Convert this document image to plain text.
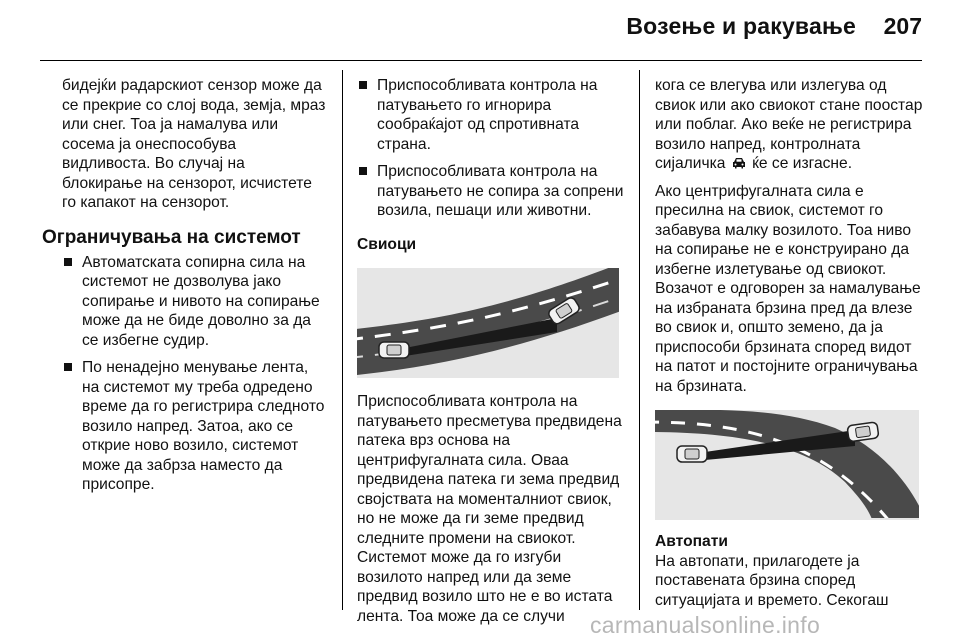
Возење и ракување 207

бидејќи радарскиот сензор може да се прекрие со слој вода, земја, мраз или снег. Тоа ја намалува или сосема ја онеспособува видливоста. Во случај на блокирање на сензорот, исчистете го капакот на сензорот.

Ограничувања на системот

Автоматската сопирна сила на системот не дозволува јако сопирање и нивото на сопирање може да не биде доволно за да се избегне судир.

По ненадејно менување лента, на системот му треба одредено време да го регистрира следното возило напред. Затоа, ако се открие ново возило, системот може да забрза наместо да присопре.

Приспособливата контрола на патувањето го игнорира сообраќајот од спротивната страна.

Приспособливата контрола на патувањето не сопира за сопрени возила, пешаци или животни.

Свиоци

Приспособливата контрола на патувањето пресметува предвидена патека врз основа на центрифугалната сила. Оваа предвидена патека ги зема предвид својствата на моменталниот свиок, но не може да ги земе предвид следните промени на свиокот. Системот може да го изгуби возилото напред или да земе предвид возило што не е во истата лента. Тоа може да се случи

кога се влегува или излегува од свиок или ако свиокот стане поостар или поблаг. Ако веќе не регистрира возило напред, контролната сијаличка ќе се изгасне.

Ако центрифугалната сила е пресилна на свиок, системот го забавува малку возилото. Тоа ниво на сопирање не е конструирано да избегне излетување од свиокот. Возачот е одговорен за намалување на избраната брзина пред да влезе во свиок и, општо земено, да ја приспособи брзината според видот на патот и постојните ограничувања на брзината.

Автопати

На автопати, прилагодете ја поставената брзина според ситуацијата и времето. Секогаш

carmanualsonline.info
